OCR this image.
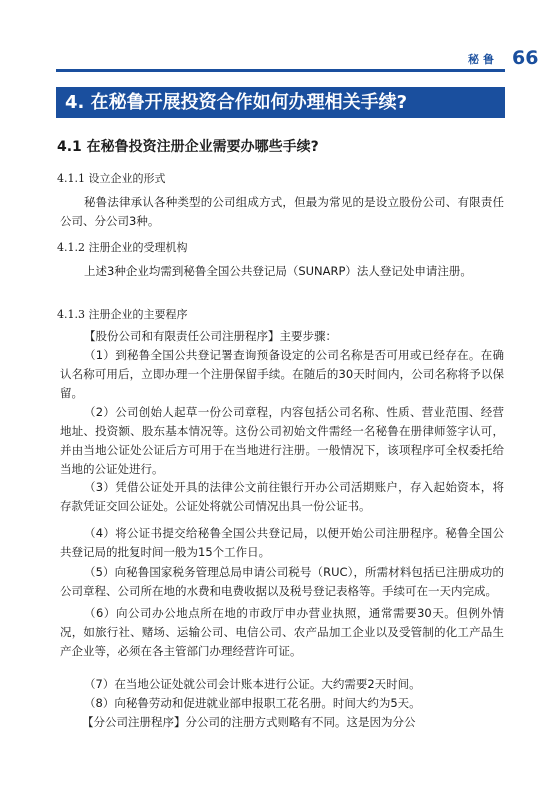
秘鲁 66
4. 在秘鲁开展投资合作如何办理相关手续?
4.1 在秘鲁投资注册企业需要办哪些手续?
4.1.1 设立企业的形式

秘鲁法律承认各种类型的公司组成方式，但最为常见的是设立股份公司、有限责任公司、分公司3种。

4.1.2 注册企业的受理机构

上述3种企业均需到秘鲁全国公共登记局（SUNARP）法人登记处申请注册。

4.1.3 注册企业的主要程序

【股份公司和有限责任公司注册程序】主要步骤：

（1）到秘鲁全国公共登记署查询预备设定的公司名称是否可用或已经存在。在确认名称可用后，立即办理一个注册保留手续。在随后的30天时间内，公司名称将予以保留。

（2）公司创始人起草一份公司章程，内容包括公司名称、性质、营业范围、经营地址、投资额、股东基本情况等。这份公司初始文件需经一名秘鲁在册律师签字认可，并由当地公证处公证后方可用于在当地进行注册。一般情况下，该项程序可全权委托给当地的公证处进行。

（3）凭借公证处开具的法律公文前往银行开办公司活期账户，存入起始资本，将存款凭证交回公证处。公证处将就公司情况出具一份公证书。

（4）将公证书提交给秘鲁全国公共登记局，以便开始公司注册程序。秘鲁全国公共登记局的批复时间一般为15个工作日。

（5）向秘鲁国家税务管理总局申请公司税号（RUC），所需材料包括已注册成功的公司章程、公司所在地的水费和电费收据以及税号登记表格等。手续可在一天内完成。

（6）向公司办公地点所在地的市政厅申办营业执照，通常需要30天。但例外情况，如旅行社、赌场、运输公司、电信公司、农产品加工企业以及受管制的化工产品生产企业等，必须在各主管部门办理经营许可证。

（7）在当地公证处就公司会计账本进行公证。大约需要2天时间。

（8）向秘鲁劳动和促进就业部申报职工花名册。时间大约为5天。

【分公司注册程序】分公司的注册方式则略有不同。这是因为分公
